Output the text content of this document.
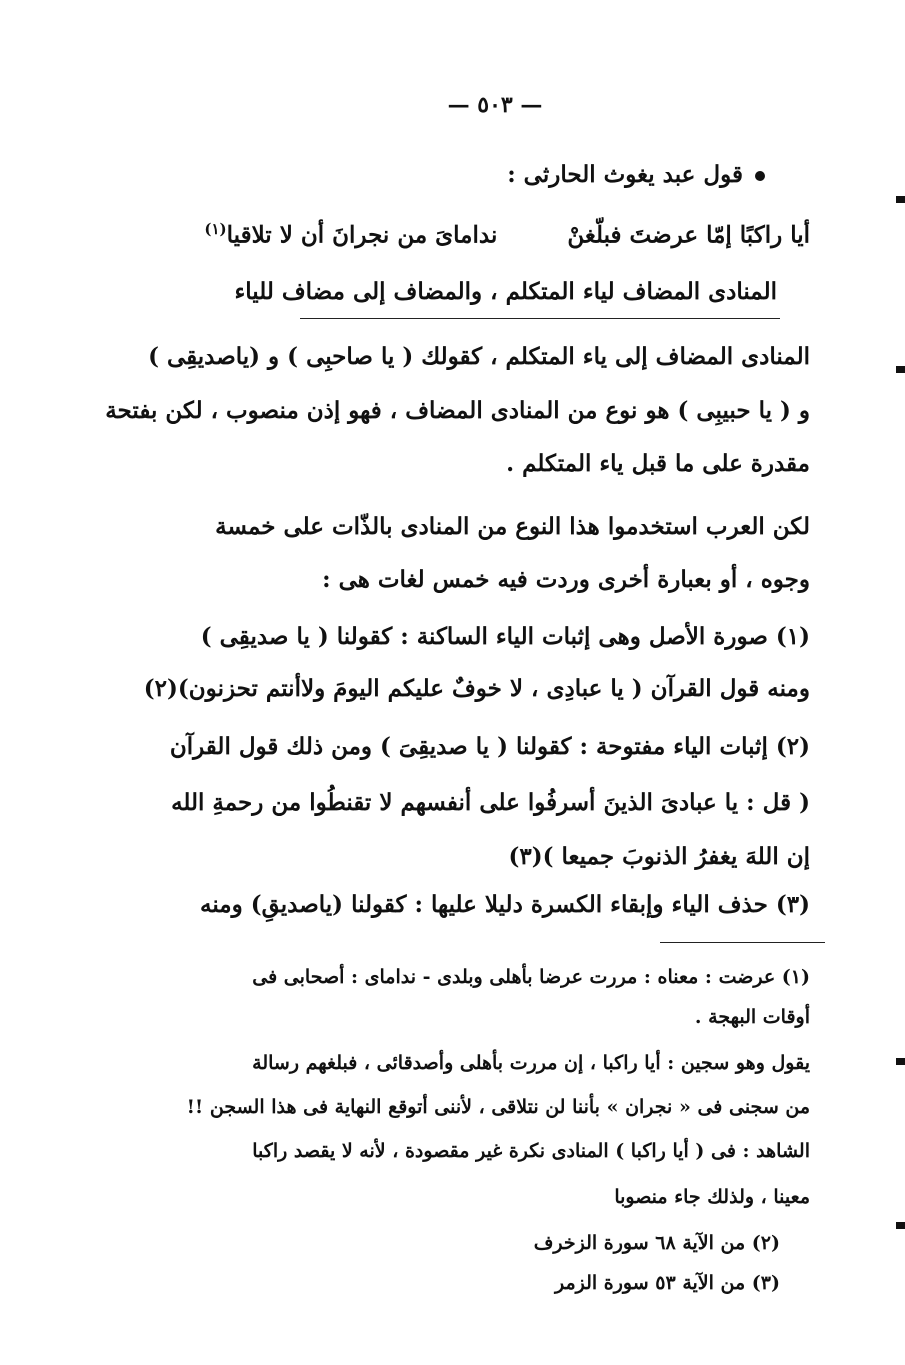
— ٥٠٣ —
قول عبد يغوث الحارثى :
أيا راكبًا إمّا عرضتَ فبلّغنْنداماىَ من نجرانَ أن لا تلاقيا$^{(١)}$
المنادى المضاف لياء المتكلم ، والمضاف إلى مضاف للياء
المنادى المضاف إلى ياء المتكلم ، كقولك ( يا صاحبِى ) و (ياصديقِى )
و ( يا حبيبِى ) هو نوع من المنادى المضاف ، فهو إذن منصوب ، لكن بفتحة
مقدرة على ما قبل ياء المتكلم .
لكن العرب استخدموا هذا النوع من المنادى بالذّات على خمسة
وجوه ، أو بعبارة أخرى وردت فيه خمس لغات هى :
(١) صورة الأصل وهى إثبات الياء الساكنة : كقولنا ( يا صديقِى )
ومنه قول القرآن ( يا عبادِى ، لا خوفٌ عليكم اليومَ ولاأنتم تحزنون)(٢)
(٢) إثبات الياء مفتوحة : كقولنا ( يا صديقِىَ ) ومن ذلك قول القرآن
( قل : يا عبادىَ الذينَ أسرفُوا على أنفسهم لا تقنطُوا من رحمةِ الله
إن اللهَ يغفرُ الذنوبَ جميعا )(٣)
(٣) حذف الياء وإبقاء الكسرة دليلا عليها : كقولنا (ياصديقِ) ومنه
(١) عرضت : معناه : مررت عرضا بأهلى وبلدى - نداماى : أصحابى فى
أوقات البهجة .
يقول وهو سجين : أيا راكبا ، إن مررت بأهلى وأصدقائى ، فبلغهم رسالة
من سجنى فى « نجران » بأننا لن نتلاقى ، لأننى أتوقع النهاية فى هذا السجن !!
الشاهد : فى ( أيا راكبا ) المنادى نكرة غير مقصودة ، لأنه لا يقصد راكبا
معينا ، ولذلك جاء منصوبا
(٢) من الآية ٦٨ سورة الزخرف
(٣) من الآية ٥٣ سورة الزمر
